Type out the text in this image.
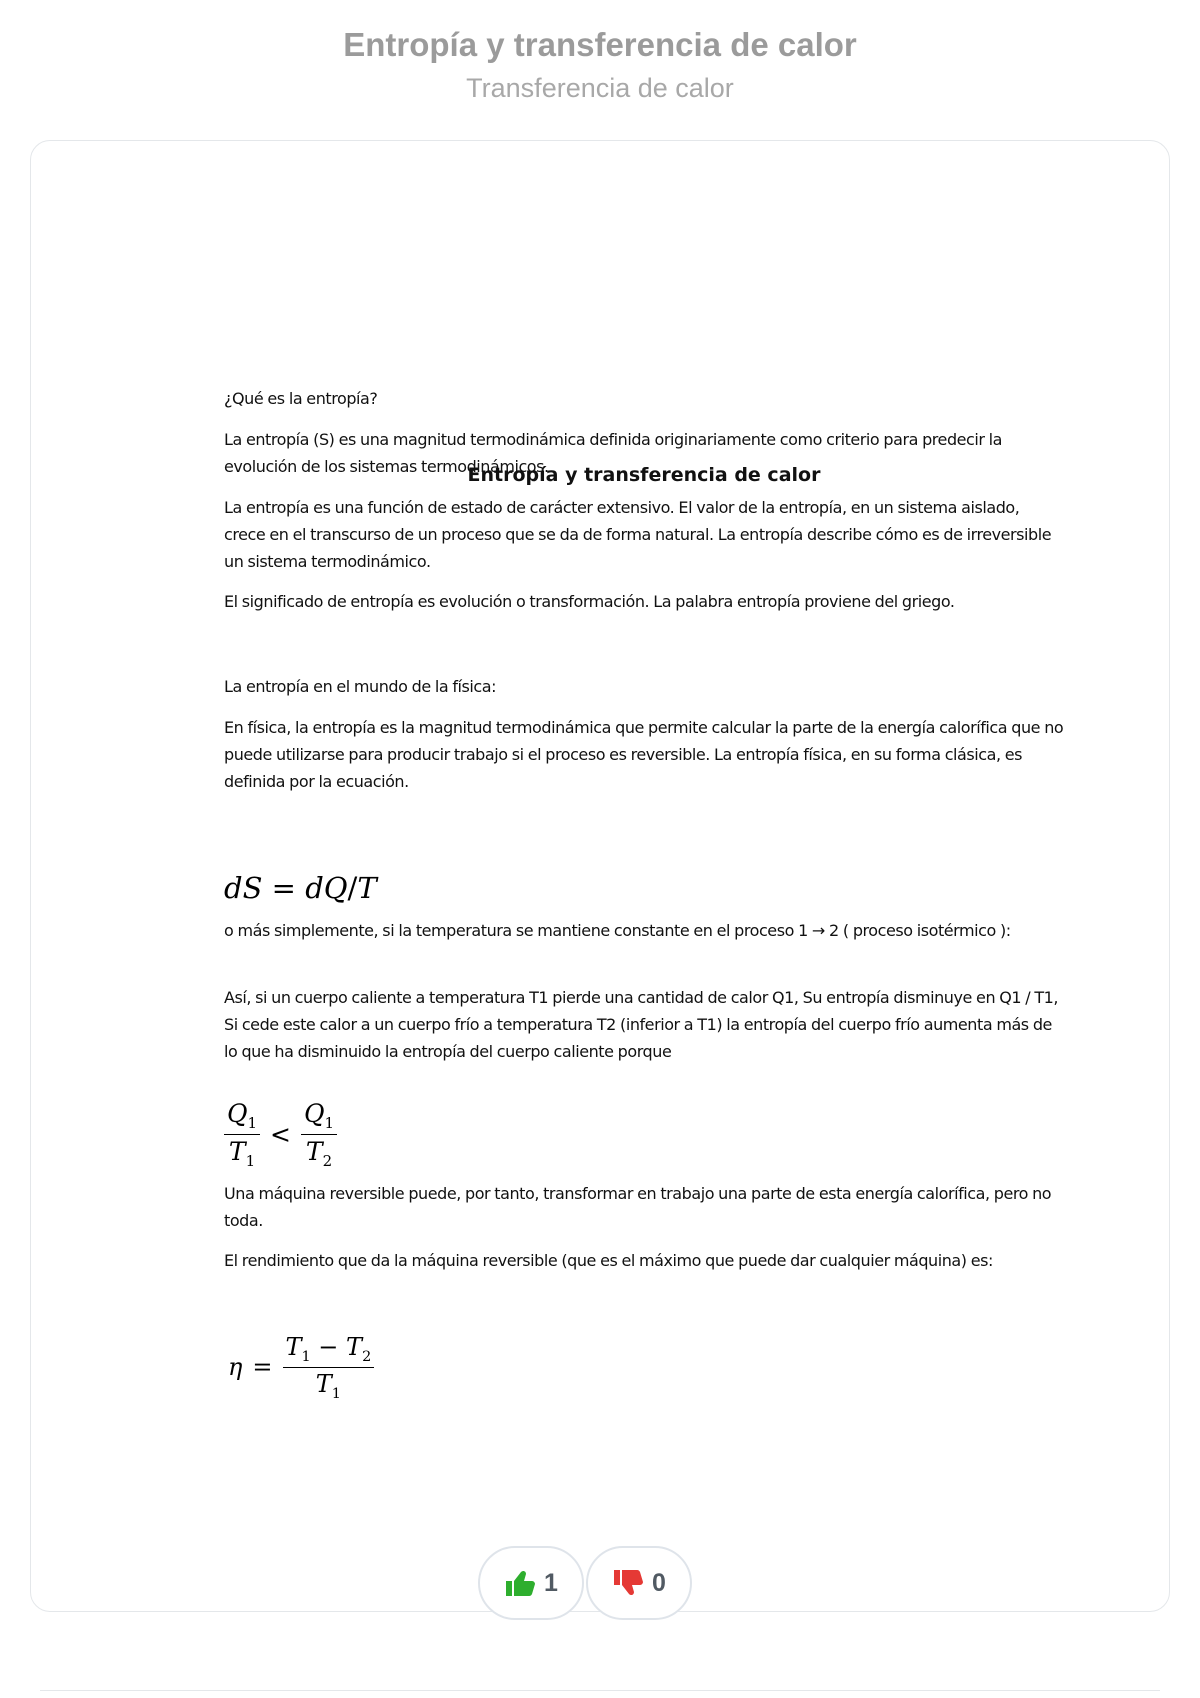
Entropía y transferencia de calor
Transferencia de calor

Entropía y transferencia de calor

¿Qué es la entropía?

La entropía (S) es una magnitud termodinámica definida originariamente como criterio para predecir la evolución de los sistemas termodinámicos.

La entropía es una función de estado de carácter extensivo. El valor de la entropía, en un sistema aislado, crece en el transcurso de un proceso que se da de forma natural. La entropía describe cómo es de irreversible un sistema termodinámico.

El significado de entropía es evolución o transformación. La palabra entropía proviene del griego.

La entropía en el mundo de la física:

En física, la entropía es la magnitud termodinámica que permite calcular la parte de la energía calorífica que no puede utilizarse para producir trabajo si el proceso es reversible. La entropía física, en su forma clásica, es definida por la ecuación.

dS = dQ/T

o más simplemente, si la temperatura se mantiene constante en el proceso 1 → 2 ( proceso isotérmico ):

Así, si un cuerpo caliente a temperatura T1 pierde una cantidad de calor Q1, Su entropía disminuye en Q1 / T1, Si cede este calor a un cuerpo frío a temperatura T2 (inferior a T1) la entropía del cuerpo frío aumenta más de lo que ha disminuido la entropía del cuerpo caliente porque

$\frac{Q_1}{T_1} < \frac{Q_1}{T_2}$

Una máquina reversible puede, por tanto, transformar en trabajo una parte de esta energía calorífica, pero no toda.

El rendimiento que da la máquina reversible (que es el máximo que puede dar cualquier máquina) es:

$\eta = \frac{T_1 - T_2}{T_1}$
1	0
